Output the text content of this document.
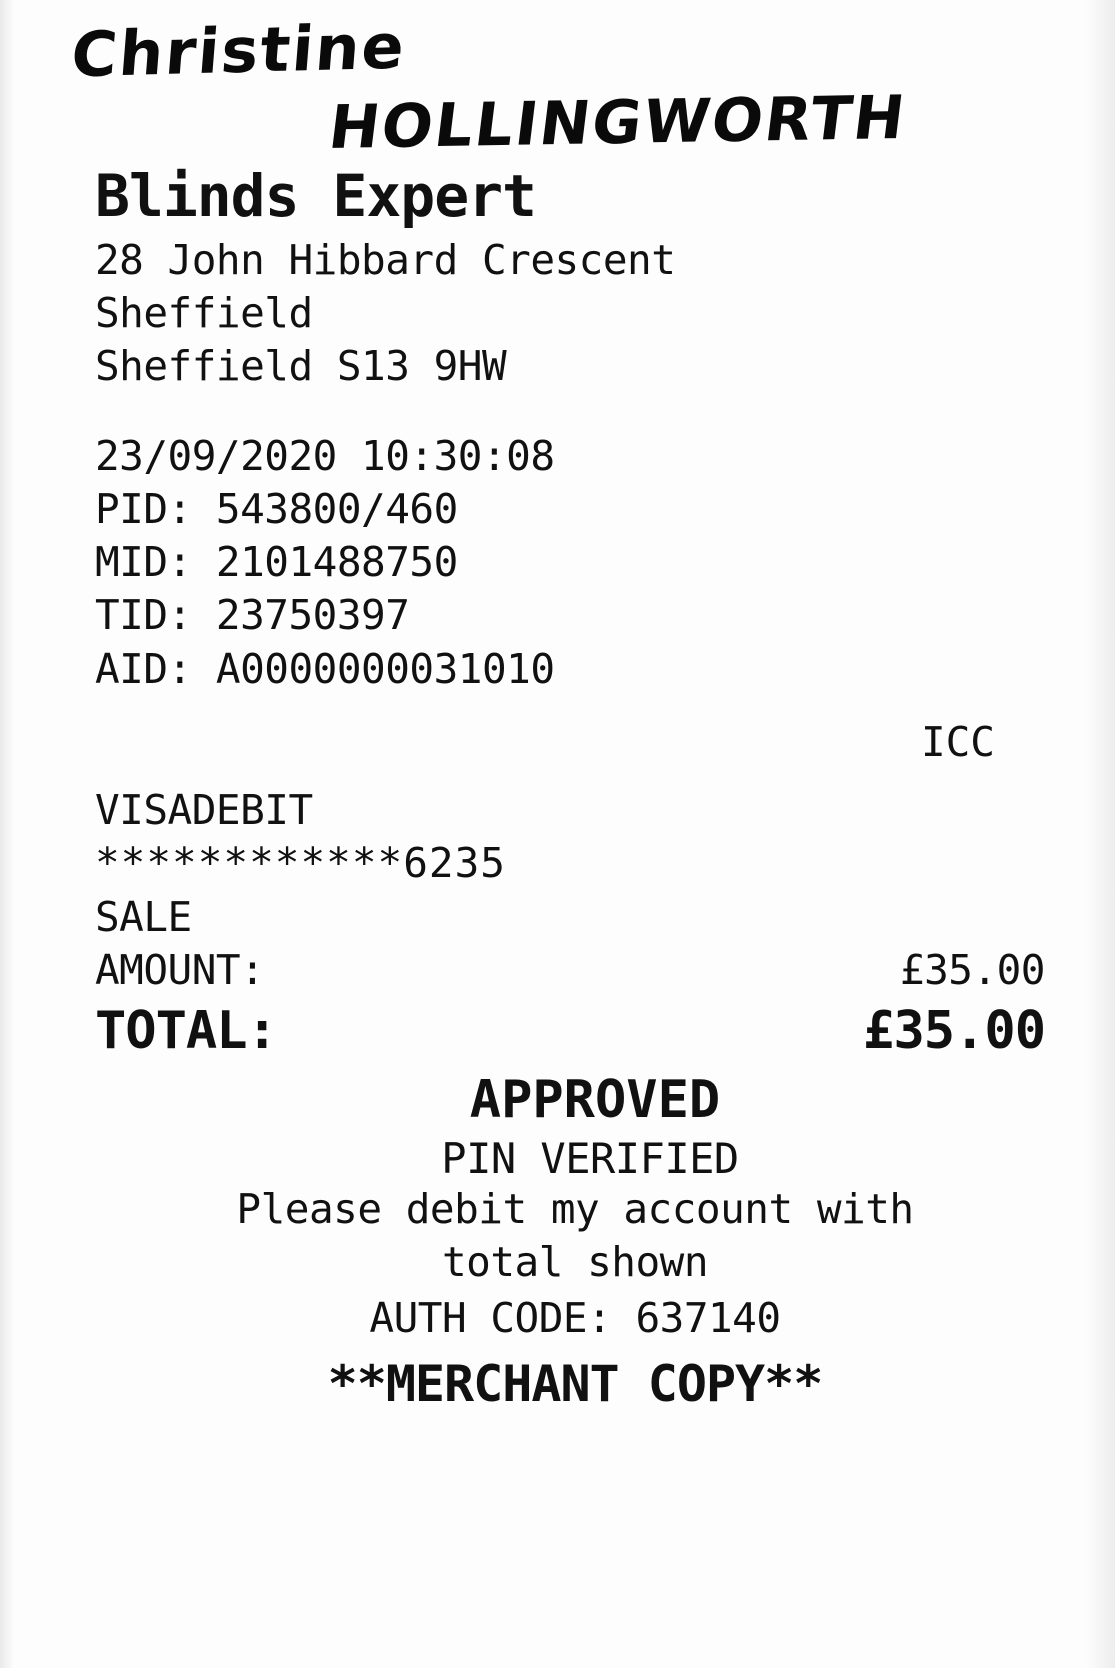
Christine
HOLLINGWORTH
Blinds Expert
28 John Hibbard Crescent
Sheffield
Sheffield S13 9HW
23/09/2020 10:30:08
PID: 543800/460
MID: 2101488750
TID: 23750397
AID: A0000000031010
ICC
VISADEBIT
************6235
SALE
AMOUNT:	£35.00
TOTAL:	£35.00
APPROVED
PIN VERIFIED
Please debit my account with
total shown
AUTH CODE: 637140
**MERCHANT COPY**
